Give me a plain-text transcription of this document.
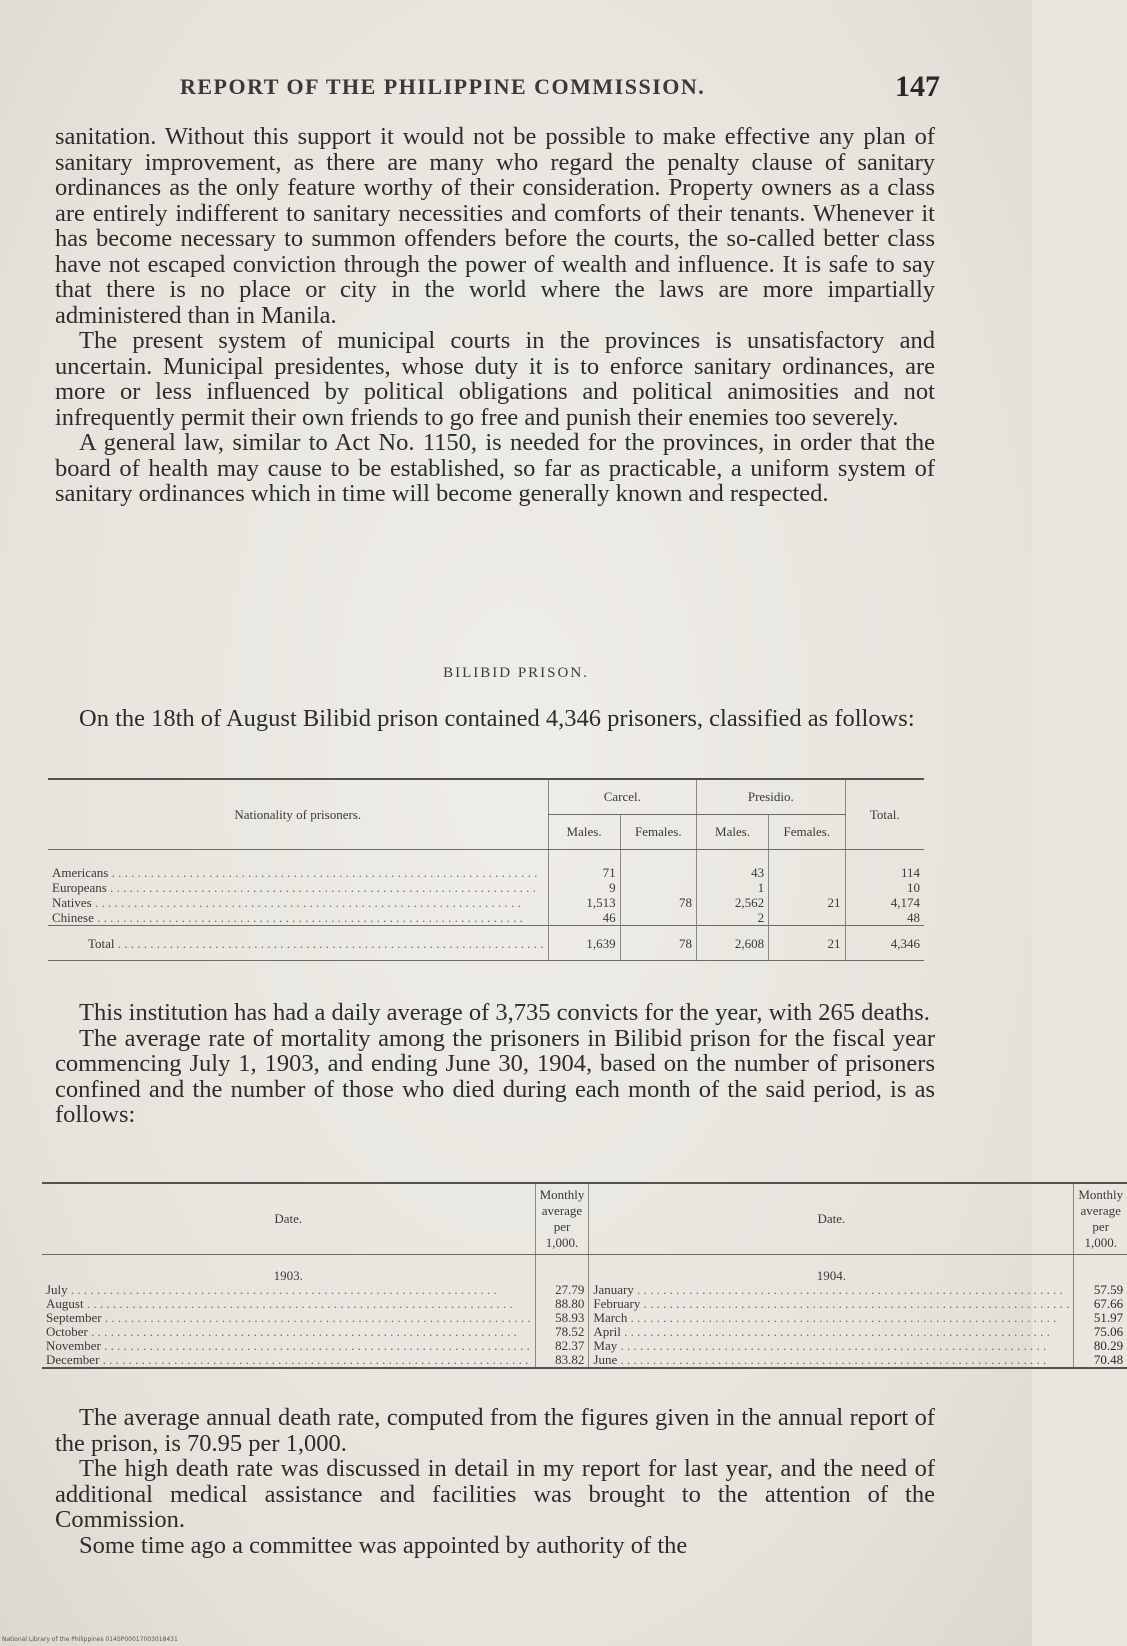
REPORT OF THE PHILIPPINE COMMISSION.	147

sanitation. Without this support it would not be possible to make effective any plan of sanitary improvement, as there are many who regard the penalty clause of sanitary ordinances as the only feature worthy of their consideration. Property owners as a class are entirely indifferent to sanitary necessities and comforts of their tenants. Whenever it has become necessary to summon offenders before the courts, the so-called better class have not escaped conviction through the power of wealth and influence. It is safe to say that there is no place or city in the world where the laws are more impartially administered than in Manila.

The present system of municipal courts in the provinces is unsatisfactory and uncertain. Municipal presidentes, whose duty it is to enforce sanitary ordinances, are more or less influenced by political obligations and political animosities and not infrequently permit their own friends to go free and punish their enemies too severely.

A general law, similar to Act No. 1150, is needed for the provinces, in order that the board of health may cause to be established, so far as practicable, a uniform system of sanitary ordinances which in time will become generally known and respected.

BILIBID PRISON.

On the 18th of August Bilibid prison contained 4,346 prisoners, classified as follows:

Nationality of prisoners.	Carcel.		Presidio.		Total.
	Males.	Females.	Males.	Females.	

Americans . . .	71		43		114
Europeans . . .	9		1		10
Natives . . .	1,513	78	2,562	21	4,174
Chinese . . .	46		2		48
Total . . .	1,639	78	2,608	21	4,346

This institution has had a daily average of 3,735 convicts for the year, with 265 deaths.

The average rate of mortality among the prisoners in Bilibid prison for the fiscal year commencing July 1, 1903, and ending June 30, 1904, based on the number of prisoners confined and the number of those who died during each month of the said period, is as follows:

Date.	Monthly average per 1,000.	Date.	Monthly average per 1,000.
1903.		1904.	
July . . .	27.79	January . . .	57.59
August . . .	88.80	February . . .	67.66
September . . .	58.93	March . . .	51.97
October . . .	78.52	April . . .	75.06
November . . .	82.37	May . . .	80.29
December . . .	83.82	June . . .	70.48

The average annual death rate, computed from the figures given in the annual report of the prison, is 70.95 per 1,000.

The high death rate was discussed in detail in my report for last year, and the need of additional medical assistance and facilities was brought to the attention of the Commission.

Some time ago a committee was appointed by authority of the

National Library of the Philippines 014SP00017003018431
